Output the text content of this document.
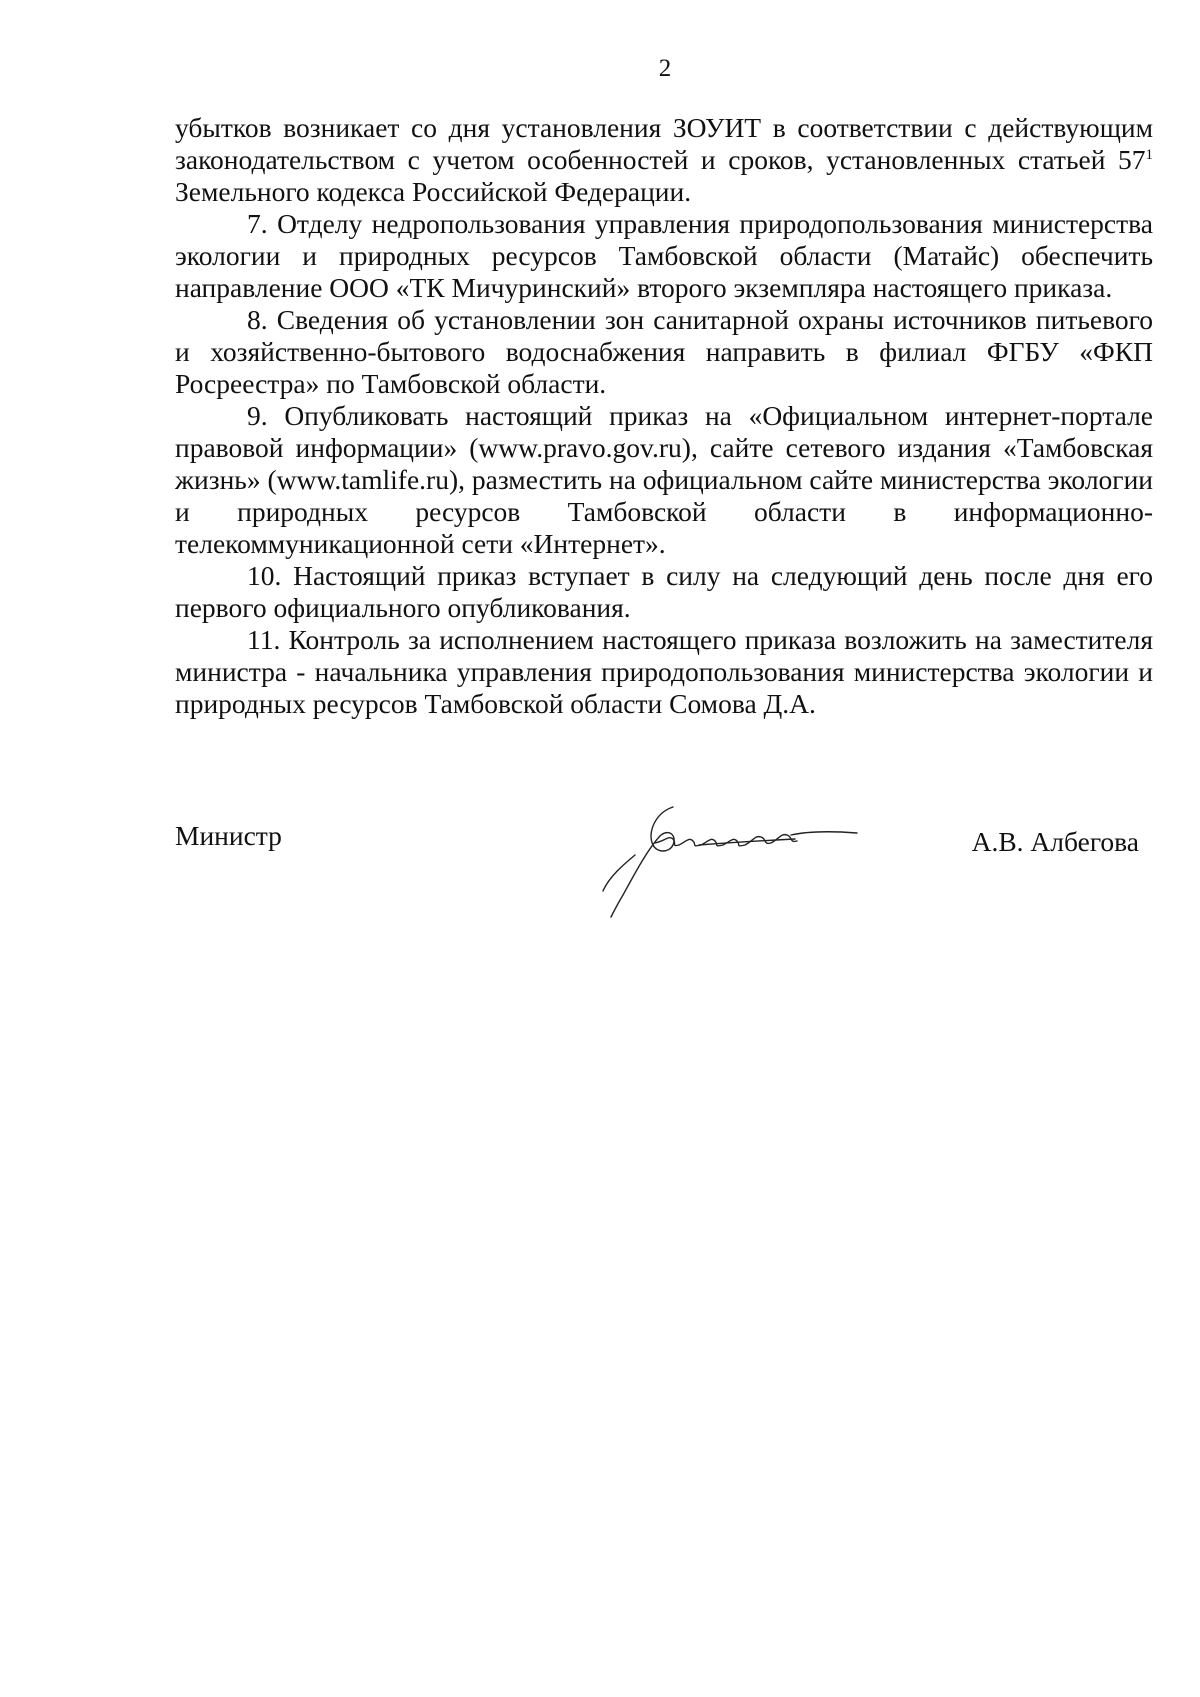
2

убытков возникает со дня установления ЗОУИТ в соответствии с действующим законодательством с учетом особенностей и сроков, установленных статьей $57^1$ Земельного кодекса Российской Федерации.

7. Отделу недропользования управления природопользования министерства экологии и природных ресурсов Тамбовской области (Матайс) обеспечить направление ООО «ТК Мичуринский» второго экземпляра настоящего приказа.

8. Сведения об установлении зон санитарной охраны источников питьевого и хозяйственно-бытового водоснабжения направить в филиал ФГБУ «ФКП Росреестра» по Тамбовской области.

9. Опубликовать настоящий приказ на «Официальном интернет-портале правовой информации» (www.pravo.gov.ru), сайте сетевого издания «Тамбовская жизнь» (www.tamlife.ru), разместить на официальном сайте министерства экологии и природных ресурсов Тамбовской области в информационно-телекоммуникационной сети «Интернет».

10. Настоящий приказ вступает в силу на следующий день после дня его первого официального опубликования.

11. Контроль за исполнением настоящего приказа возложить на заместителя министра - начальника управления природопользования министерства экологии и природных ресурсов Тамбовской области Сомова Д.А.

Министр	А.В. Албегова
